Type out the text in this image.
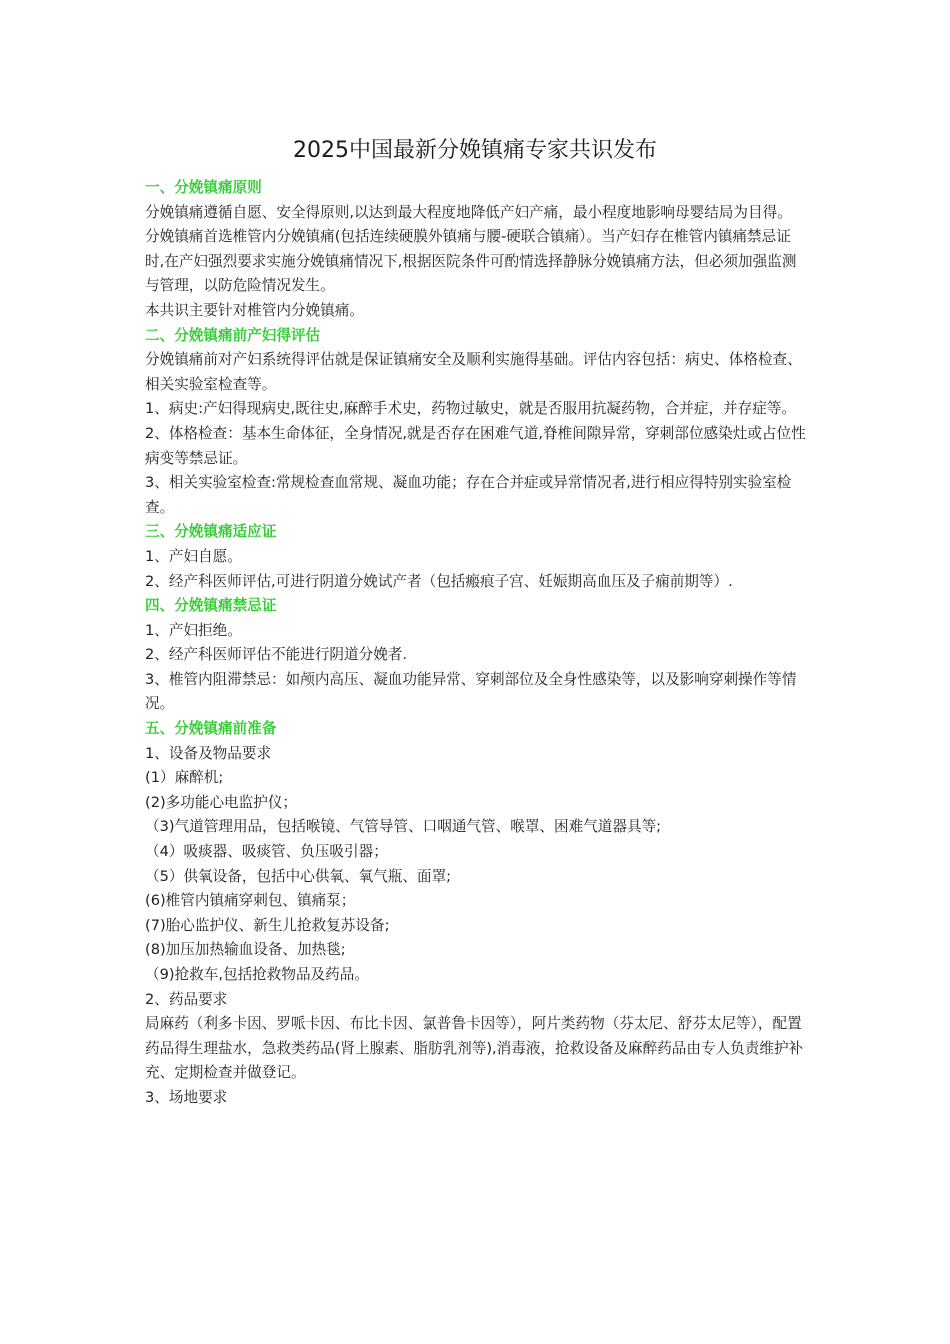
2025中国最新分娩镇痛专家共识发布

一、分娩镇痛原则

分娩镇痛遵循自愿、安全得原则,以达到最大程度地降低产妇产痛，最小程度地影响母婴结局为目得。

分娩镇痛首选椎管内分娩镇痛(包括连续硬膜外镇痛与腰-硬联合镇痛）。当产妇存在椎管内镇痛禁忌证时,在产妇强烈要求实施分娩镇痛情况下,根据医院条件可酌情选择静脉分娩镇痛方法，但必须加强监测与管理，以防危险情况发生。

本共识主要针对椎管内分娩镇痛。

二、分娩镇痛前产妇得评估

分娩镇痛前对产妇系统得评估就是保证镇痛安全及顺利实施得基础。评估内容包括：病史、体格检查、相关实验室检查等。

1、病史:产妇得现病史,既往史,麻醉手术史，药物过敏史，就是否服用抗凝药物，合并症，并存症等。

2、体格检查：基本生命体征，全身情况,就是否存在困难气道,脊椎间隙异常，穿刺部位感染灶或占位性病变等禁忌证。

3、相关实验室检查:常规检查血常规、凝血功能；存在合并症或异常情况者,进行相应得特别实验室检查。

三、分娩镇痛适应证

1、产妇自愿。

2、经产科医师评估,可进行阴道分娩试产者（包括瘢痕子宫、妊娠期高血压及子痫前期等）.

四、分娩镇痛禁忌证

1、产妇拒绝。

2、经产科医师评估不能进行阴道分娩者.

3、椎管内阻滞禁忌：如颅内高压、凝血功能异常、穿刺部位及全身性感染等，以及影响穿刺操作等情况。

五、分娩镇痛前准备

1、设备及物品要求

(1）麻醉机;

(2)多功能心电监护仪；

（3)气道管理用品，包括喉镜、气管导管、口咽通气管、喉罩、困难气道器具等;

（4）吸痰器、吸痰管、负压吸引器；

（5）供氧设备，包括中心供氧、氧气瓶、面罩;

(6)椎管内镇痛穿刺包、镇痛泵；

(7)胎心监护仪、新生儿抢救复苏设备;

(8)加压加热输血设备、加热毯;

（9)抢救车,包括抢救物品及药品。

2、药品要求

局麻药（利多卡因、罗哌卡因、布比卡因、氯普鲁卡因等），阿片类药物（芬太尼、舒芬太尼等），配置药品得生理盐水，急救类药品(肾上腺素、脂肪乳剂等),消毒液，抢救设备及麻醉药品由专人负责维护补充、定期检查并做登记。

3、场地要求
